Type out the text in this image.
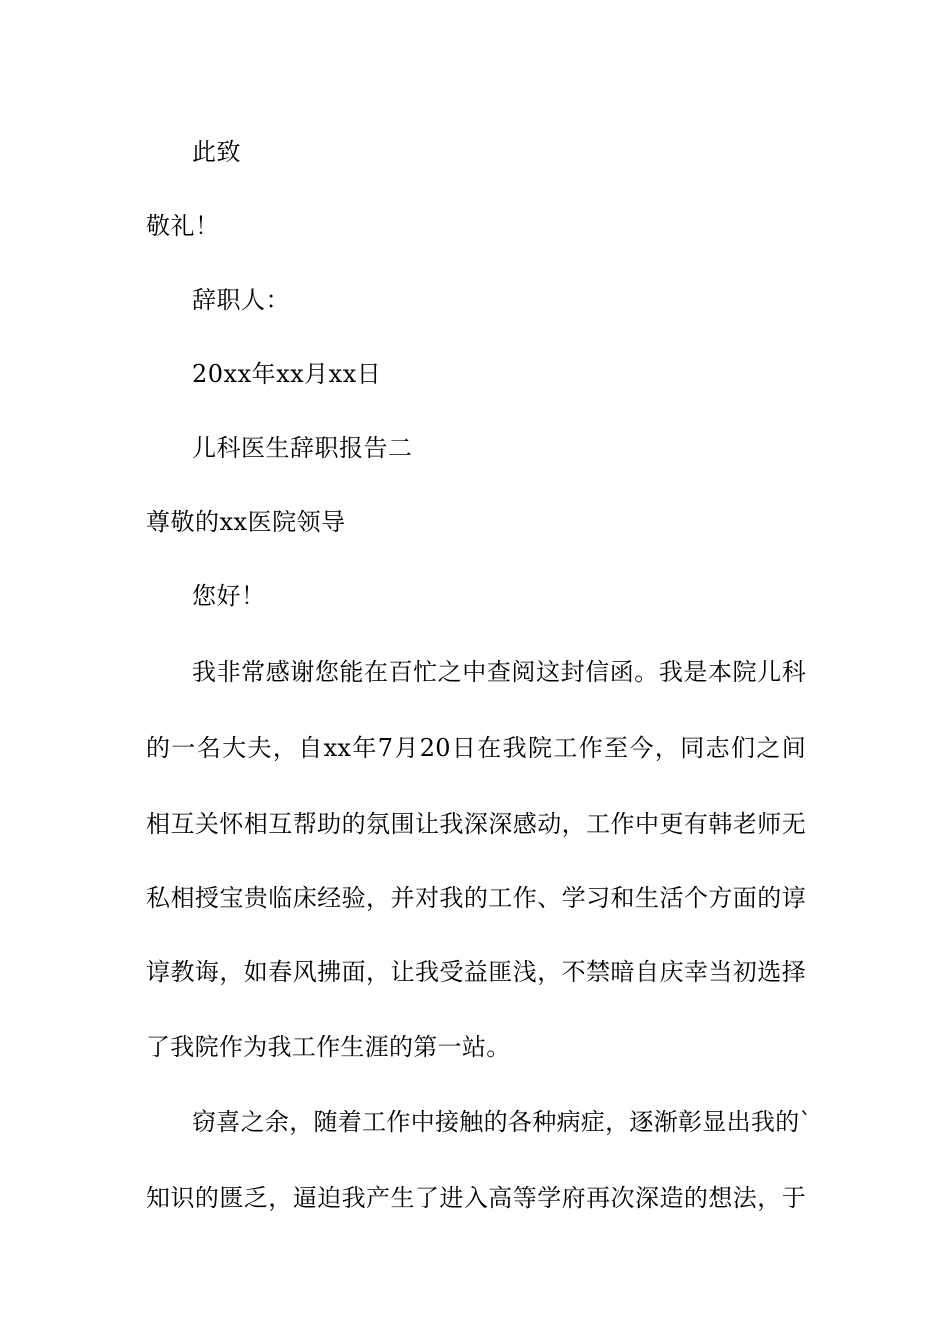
此致
敬礼！
辞职人：
20xx年xx月xx日
儿科医生辞职报告二
尊敬的xx医院领导
您好！
我非常感谢您能在百忙之中查阅这封信函。我是本院儿科
的一名大夫，自xx年7月20日在我院工作至今，同志们之间
相互关怀相互帮助的氛围让我深深感动，工作中更有韩老师无
私相授宝贵临床经验，并对我的工作、学习和生活个方面的谆
谆教诲，如春风拂面，让我受益匪浅，不禁暗自庆幸当初选择
了我院作为我工作生涯的第一站。
窃喜之余，随着工作中接触的各种病症，逐渐彰显出我的`
知识的匮乏，逼迫我产生了进入高等学府再次深造的想法，于
